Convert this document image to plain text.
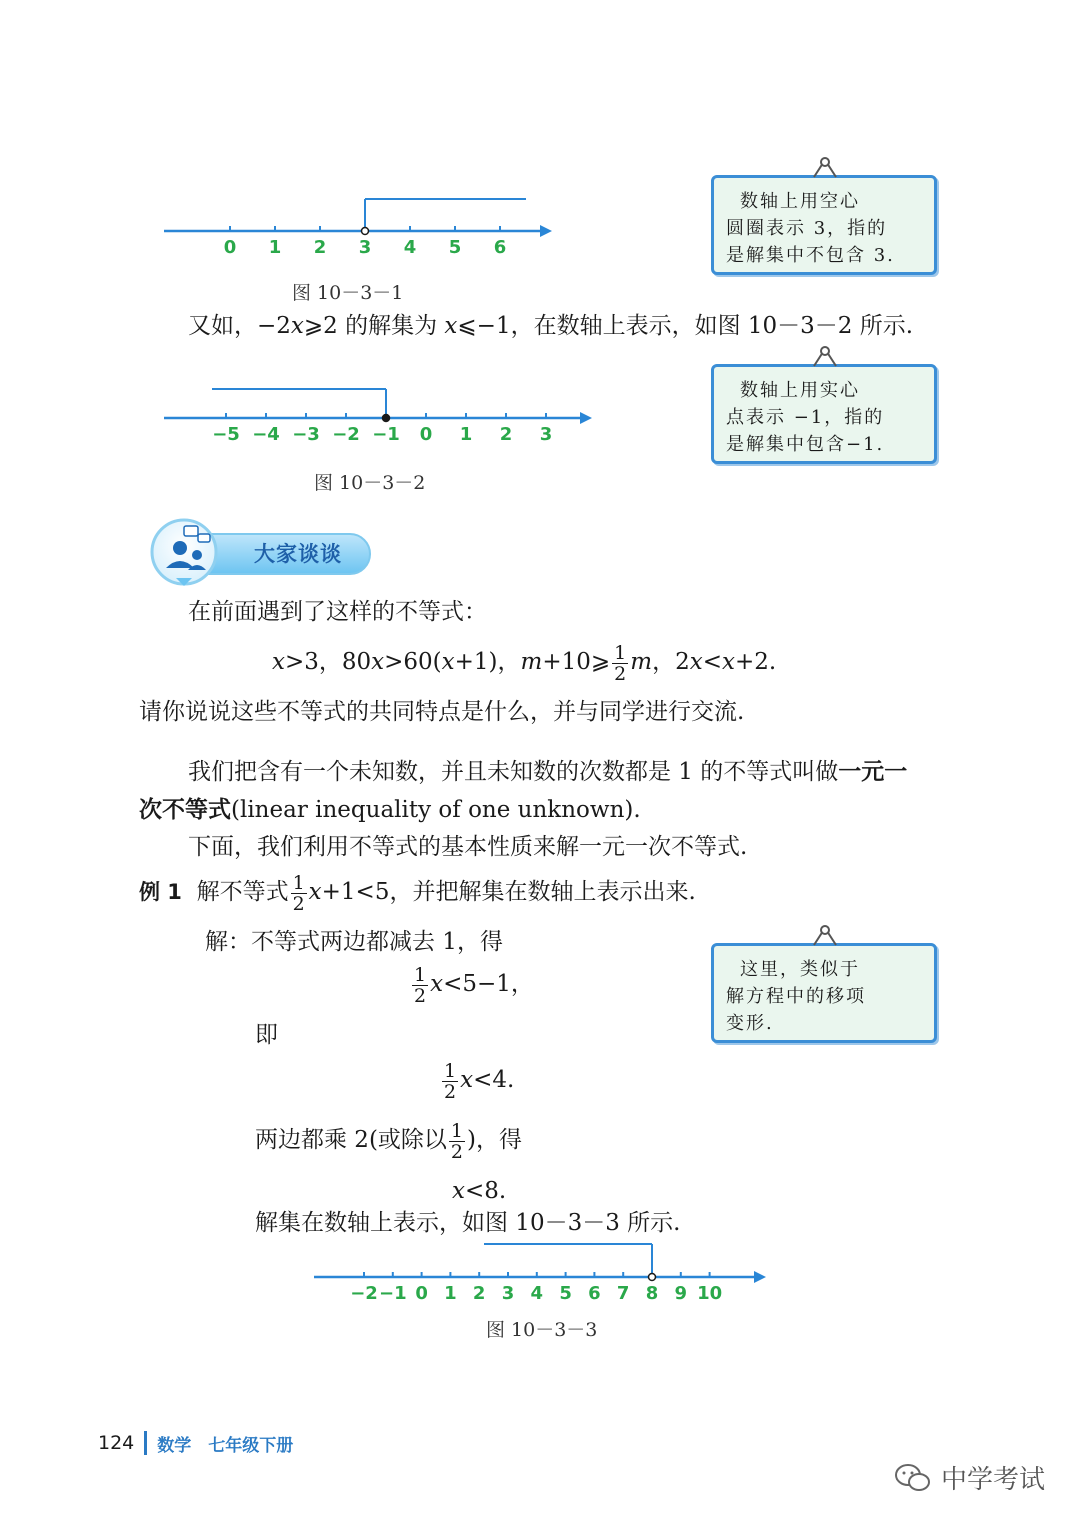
0 1 2 3 4 5 6
图 10－3－1
数轴上用空心
圆圈表示 3，指的
是解集中不包含 3.
又如，−2x⩾2 的解集为 x⩽−1，在数轴上表示，如图 10－3－2 所示.
−5 −4 −3 −2 −1 0 1 2 3
图 10－3－2
数轴上用实心
点表示 −1，指的
是解集中包含−1.
大家谈谈
在前面遇到了这样的不等式：
x>3，80x>60(x+1)，m+10⩾ $\frac{1}{2}$ m，2x<x+2.
请你说说这些不等式的共同特点是什么，并与同学进行交流.
我们把含有一个未知数，并且未知数的次数都是 1 的不等式叫做一元一
次不等式(linear inequality of one unknown).
下面，我们利用不等式的基本性质来解一元一次不等式.
例 1 解不等式 $\frac{1}{2} x+1<5$，并把解集在数轴上表示出来.
解：不等式两边都减去 1，得
$\frac{1}{2} x<5-1$，
即
$\frac{1}{2} x<4$.
两边都乘 2(或除以 $\frac{1}{2}$ )，得
x<8.
解集在数轴上表示，如图 10－3－3 所示.
这里，类似于
解方程中的移项
变形.
−2 −1 0 1 2 3 4 5 6 7 8 9 10
图 10－3－3
124 数学　七年级下册
中学考试
